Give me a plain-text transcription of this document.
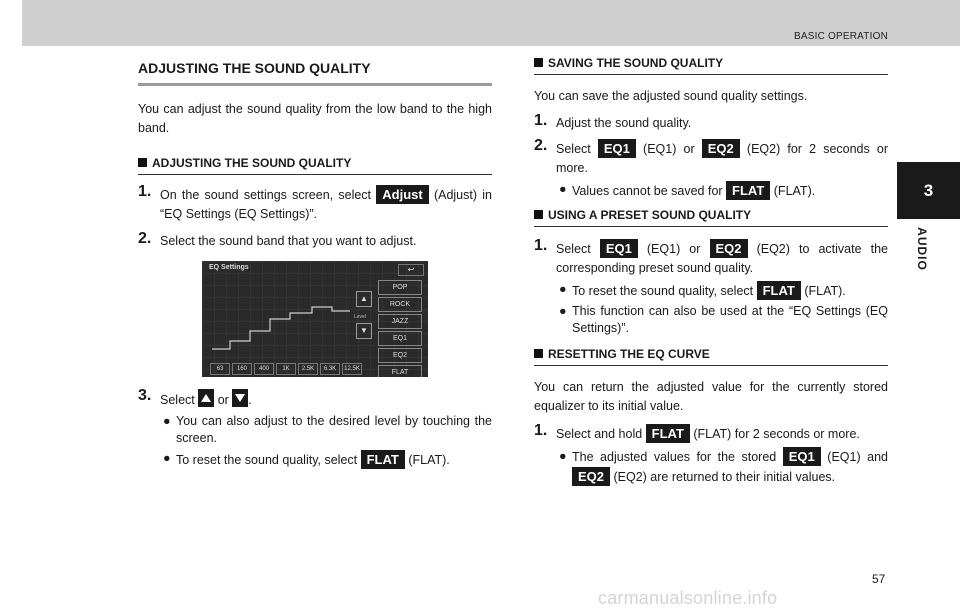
BASIC OPERATION
3
AUDIO
ADJUSTING THE SOUND QUALITY

You can adjust the sound quality from the low band to the high band.

ADJUSTING THE SOUND QUALITY
1. On the sound settings screen, select Adjust (Adjust) in “EQ Settings (EQ Settings)”.
2. Select the sound band that you want to adjust.
EQ Settings	↩
▲
Level
▼
POP
ROCK
JAZZ
EQ1
EQ2
FLAT
63	160	400	1K	2.5K	6.3K	12.5K
3. Select  or .
● You can also adjust to the desired level by touching the screen.
● To reset the sound quality, select FLAT (FLAT).
SAVING THE SOUND QUALITY

You can save the adjusted sound quality settings.

1. Adjust the sound quality.
2. Select EQ1 (EQ1) or EQ2 (EQ2) for 2 seconds or more.
● Values cannot be saved for FLAT (FLAT).
USING A PRESET SOUND QUALITY
1. Select EQ1 (EQ1) or EQ2 (EQ2) to activate the corresponding preset sound quality.
● To reset the sound quality, select FLAT (FLAT).
● This function can also be used at the “EQ Settings (EQ Settings)”.
RESETTING THE EQ CURVE

You can return the adjusted value for the currently stored equalizer to its initial value.

1. Select and hold FLAT (FLAT) for 2 seconds or more.
● The adjusted values for the stored EQ1 (EQ1) and EQ2 (EQ2) are returned to their initial values.
57
carmanualsonline.info
